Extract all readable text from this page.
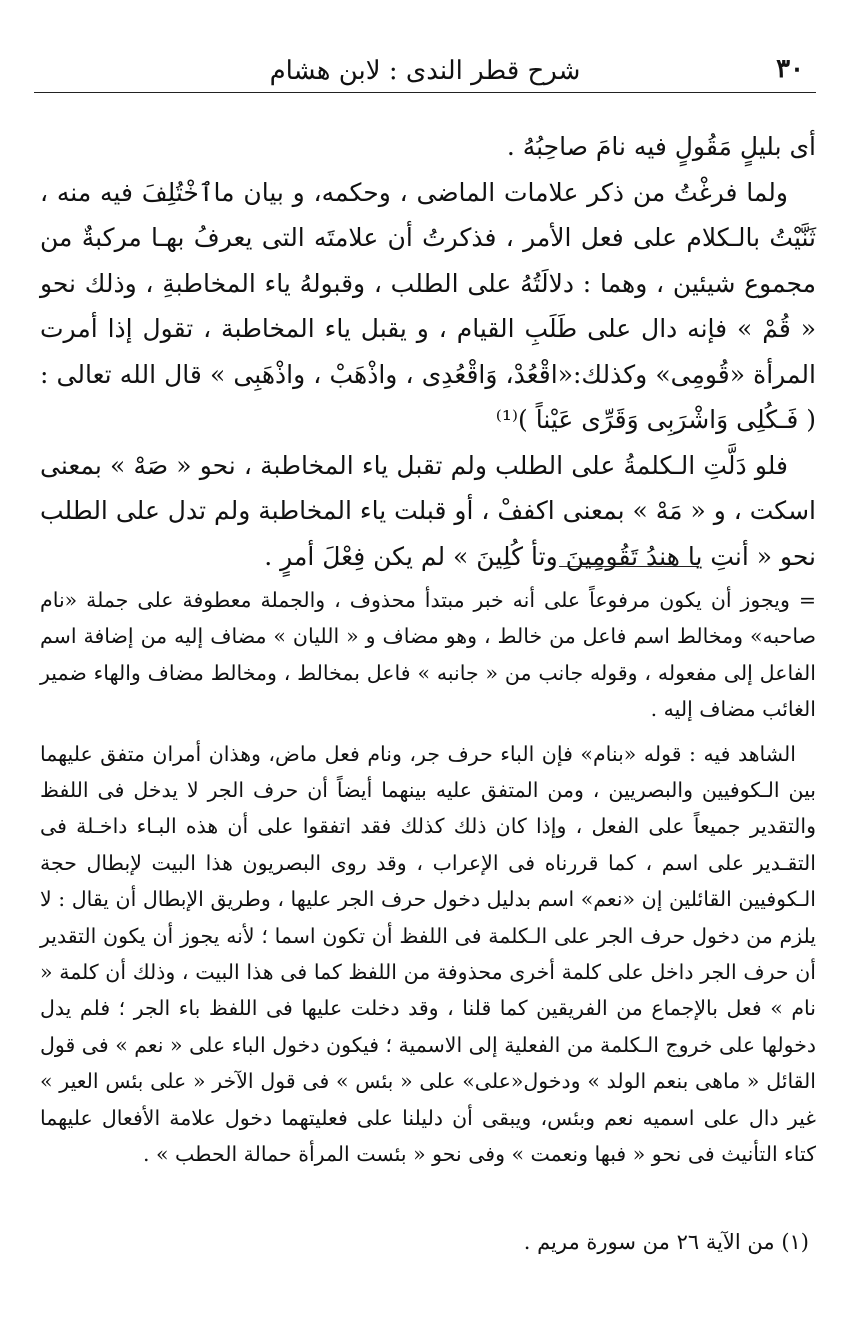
٣٠
شرح قطر الندى : لابن هشام

أى بليلٍ مَقُولٍ فيه نامَ صاحِبُهُ .

ولما فرغْتُ من ذكر علامات الماضى ، وحكمه، و بيان ماٱخْتُلِفَ فيه منه ، ثَنَّيْتُ بالـكلام على فعل الأمر ، فذكرتُ أن علامتَه التى يعرفُ بهـا مركبةٌ من مجموع شيئين ، وهما : دلالَتُهُ على الطلب ، وقبولهُ ياء المخاطبةِ ، وذلك نحو « قُمْ » فإنه دال على طَلَبِ القيام ، و يقبل ياء المخاطبة ، تقول إذا أمرت المرأة «قُومِى» وكذلك:«اقْعُدْ، وَاقْعُدِى ، واذْهَبْ ، واذْهَبِى » قال الله تعالى : ( فَـكُلِى وَاشْرَبِى وَقَرِّى عَيْناً )⁽¹⁾

فلو دَلَّتِ الـكلمةُ على الطلب ولم تقبل ياء المخاطبة ، نحو « صَهْ » بمعنى اسكت ، و « مَهْ » بمعنى اكففْ ، أو قبلت ياء المخاطبة ولم تدل على الطلب نحو « أنتِ يا هندُ تَقُومِينَ وتأ كُلِينَ » لم يكن فِعْلَ أمرٍ .

= ويجوز أن يكون مرفوعاً على أنه خبر مبتدأ محذوف ، والجملة معطوفة على جملة «نام صاحبه» ومخالط اسم فاعل من خالط ، وهو مضاف و « الليان » مضاف إليه من إضافة اسم الفاعل إلى مفعوله ، وقوله جانب من « جانبه » فاعل بمخالط ، ومخالط مضاف والهاء ضمير الغائب مضاف إليه .

الشاهد فيه : قوله «بنام» فإن الباء حرف جر، ونام فعل ماض، وهذان أمران متفق عليهما بين الـكوفيين والبصريين ، ومن المتفق عليه بينهما أيضاً أن حرف الجر لا يدخل فى اللفظ والتقدير جميعاً على الفعل ، وإذا كان ذلك كذلك فقد اتفقوا على أن هذه البـاء داخـلة فى التقـدير على اسم ، كما قررناه فى الإعراب ، وقد روى البصريون هذا البيت لإبطال حجة الـكوفيين القائلين إن «نعم» اسم بدليل دخول حرف الجر عليها ، وطريق الإبطال أن يقال : لا يلزم من دخول حرف الجر على الـكلمة فى اللفظ أن تكون اسما ؛ لأنه يجوز أن يكون التقدير أن حرف الجر داخل على كلمة أخرى محذوفة من اللفظ كما فى هذا البيت ، وذلك أن كلمة « نام » فعل بالإجماع من الفريقين كما قلنا ، وقد دخلت عليها فى اللفظ باء الجر ؛ فلم يدل دخولها على خروج الـكلمة من الفعلية إلى الاسمية ؛ فيكون دخول الباء على « نعم » فى قول القائل « ماهى بنعم الولد » ودخول«على» على « بئس » فى قول الآخر « على بئس العير » غير دال على اسميه نعم وبئس، ويبقى أن دليلنا على فعليتهما دخول علامة الأفعال عليهما كتاء التأنيث فى نحو « فبها ونعمت » وفى نحو « بئست المرأة حمالة الحطب » .

(١) من الآية ٢٦ من سورة مريم .
